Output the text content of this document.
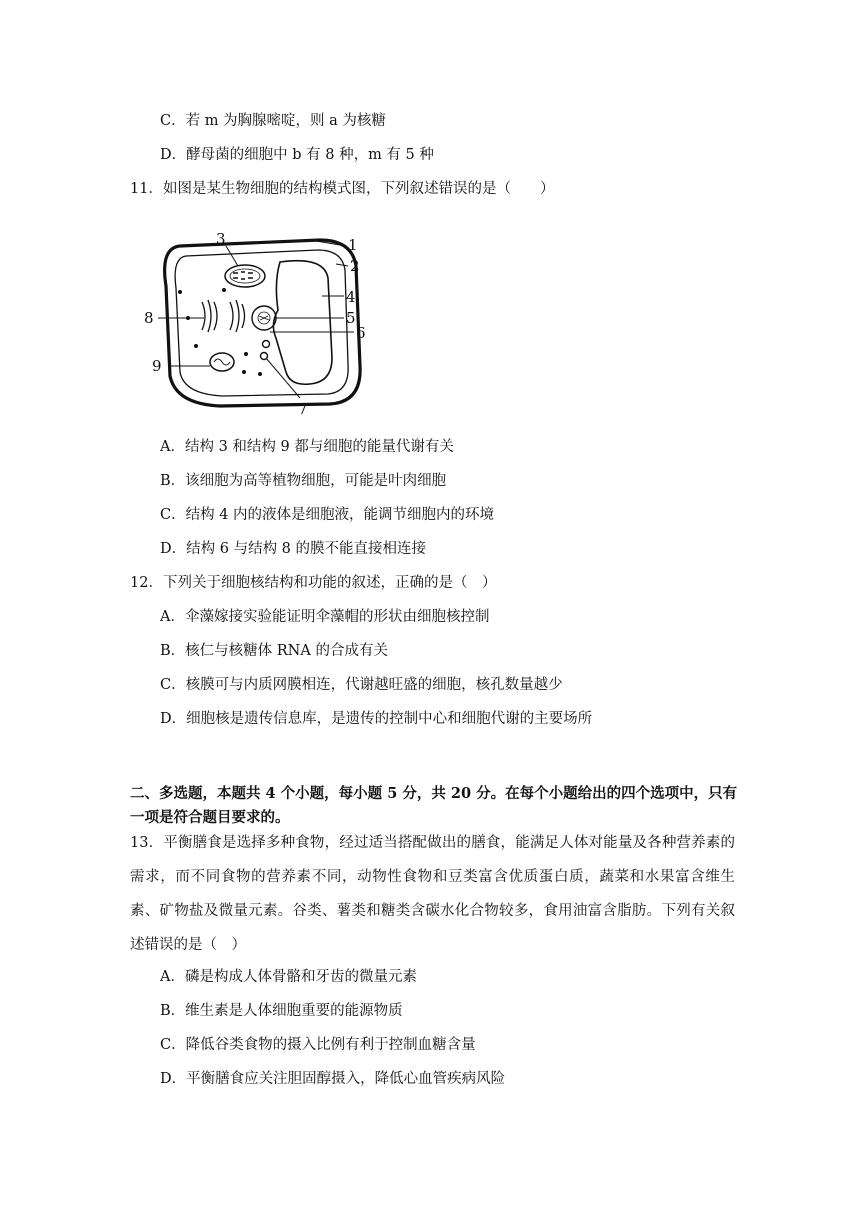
C．若 m 为胸腺嘧啶，则 a 为核糖
D．酵母菌的细胞中 b 有 8 种，m 有 5 种
11．如图是某生物细胞的结构模式图，下列叙述错误的是（　　）
3	1
2
4
5
6
7
8
9
A．结构 3 和结构 9 都与细胞的能量代谢有关
B．该细胞为高等植物细胞，可能是叶肉细胞
C．结构 4 内的液体是细胞液，能调节细胞内的环境
D．结构 6 与结构 8 的膜不能直接相连接
12．下列关于细胞核结构和功能的叙述，正确的是（　）
A．伞藻嫁接实验能证明伞藻帽的形状由细胞核控制
B．核仁与核糖体 RNA 的合成有关
C．核膜可与内质网膜相连，代谢越旺盛的细胞，核孔数量越少
D．细胞核是遗传信息库，是遗传的控制中心和细胞代谢的主要场所
二、多选题，本题共 4 个小题，每小题 5 分，共 20 分。在每个小题给出的四个选项中，只有一项是符合题目要求的。
13．平衡膳食是选择多种食物，经过适当搭配做出的膳食，能满足人体对能量及各种营养素的需求，而不同食物的营养素不同，动物性食物和豆类富含优质蛋白质，蔬菜和水果富含维生素、矿物盐及微量元素。谷类、薯类和糖类含碳水化合物较多，食用油富含脂肪。下列有关叙述错误的是（　）
A．磷是构成人体骨骼和牙齿的微量元素
B．维生素是人体细胞重要的能源物质
C．降低谷类食物的摄入比例有利于控制血糖含量
D．平衡膳食应关注胆固醇摄入，降低心血管疾病风险
